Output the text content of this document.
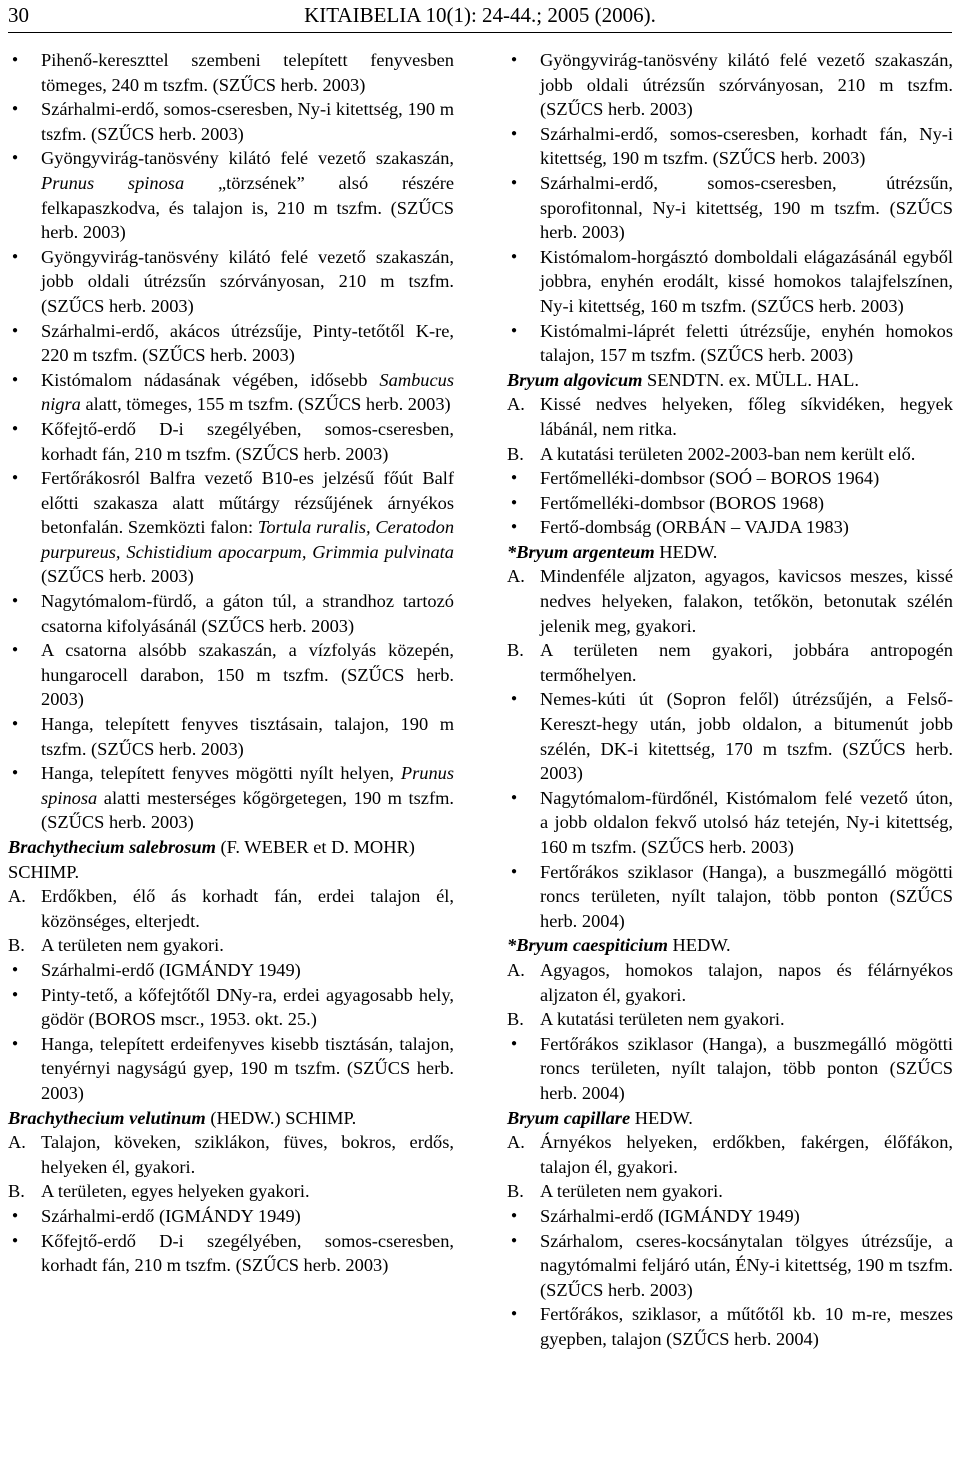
30	KITAIBELIA 10(1): 24-44.; 2005 (2006).
● Pihenő-kereszttel szembeni telepített fenyvesben tömeges, 240 m tszfm. (SZŰCS herb. 2003)
● Szárhalmi-erdő, somos-cseresben, Ny-i kitettség, 190 m tszfm. (SZŰCS herb. 2003)
● Gyöngyvirág-tanösvény kilátó felé vezető szakaszán, Prunus spinosa „törzsének” alsó részére felkapaszkodva, és talajon is, 210 m tszfm. (SZŰCS herb. 2003)
● Gyöngyvirág-tanösvény kilátó felé vezető szakaszán, jobb oldali útrézsűn szórványosan, 210 m tszfm. (SZŰCS herb. 2003)
● Szárhalmi-erdő, akácos útrézsűje, Pinty-tetőtől K-re, 220 m tszfm. (SZŰCS herb. 2003)
● Kistómalom nádasának végében, idősebb Sambucus nigra alatt, tömeges, 155 m tszfm. (SZŰCS herb. 2003)
● Kőfejtő-erdő D-i szegélyében, somos-cseresben, korhadt fán, 210 m tszfm. (SZŰCS herb. 2003)
● Fertőrákosról Balfra vezető B10-es jelzésű főút Balf előtti szakasza alatt műtárgy rézsűjének árnyékos betonfalán. Szemközti falon: Tortula ruralis, Ceratodon purpureus, Schistidium apocarpum, Grimmia pulvinata (SZŰCS herb. 2003)
● Nagytómalom-fürdő, a gáton túl, a strandhoz tartozó csatorna kifolyásánál (SZŰCS herb. 2003)
● A csatorna alsóbb szakaszán, a vízfolyás közepén, hungarocell darabon, 150 m tszfm. (SZŰCS herb. 2003)
● Hanga, telepített fenyves tisztásain, talajon, 190 m tszfm. (SZŰCS herb. 2003)
● Hanga, telepített fenyves mögötti nyílt helyen, Prunus spinosa alatti mesterséges kőgörgetegen, 190 m tszfm. (SZŰCS herb. 2003)
Brachythecium salebrosum (F. WEBER et D. MOHR) SCHIMP.
A. Erdőkben, élő ás korhadt fán, erdei talajon él, közönséges, elterjedt.
B. A területen nem gyakori.
● Szárhalmi-erdő (IGMÁNDY 1949)
● Pinty-tető, a kőfejtőtől DNy-ra, erdei agyagosabb hely, gödör (BOROS mscr., 1953. okt. 25.)
● Hanga, telepített erdeifenyves kisebb tisztásán, talajon, tenyérnyi nagyságú gyep, 190 m tszfm. (SZŰCS herb. 2003)
Brachythecium velutinum (HEDW.) SCHIMP.
A. Talajon, köveken, sziklákon, füves, bokros, erdős, helyeken él, gyakori.
B. A területen, egyes helyeken gyakori.
● Szárhalmi-erdő (IGMÁNDY 1949)
● Kőfejtő-erdő D-i szegélyében, somos-cseresben, korhadt fán, 210 m tszfm. (SZŰCS herb. 2003)
● Gyöngyvirág-tanösvény kilátó felé vezető szakaszán, jobb oldali útrézsűn szórványosan, 210 m tszfm. (SZŰCS herb. 2003)
● Szárhalmi-erdő, somos-cseresben, korhadt fán, Ny-i kitettség, 190 m tszfm. (SZŰCS herb. 2003)
● Szárhalmi-erdő, somos-cseresben, útrézsűn, sporofitonnal, Ny-i kitettség, 190 m tszfm. (SZŰCS herb. 2003)
● Kistómalom-horgásztó domboldali elágazásánál egyből jobbra, enyhén erodált, kissé homokos talajfelszínen, Ny-i kitettség, 160 m tszfm. (SZŰCS herb. 2003)
● Kistómalmi-láprét feletti útrézsűje, enyhén homokos talajon, 157 m tszfm. (SZŰCS herb. 2003)
Bryum algovicum SENDTN. ex. MÜLL. HAL.
A. Kissé nedves helyeken, főleg síkvidéken, hegyek lábánál, nem ritka.
B. A kutatási területen 2002-2003-ban nem került elő.
● Fertőmelléki-dombsor (SOÓ – BOROS 1964)
● Fertőmelléki-dombsor (BOROS 1968)
● Fertő-dombság (ORBÁN – VAJDA 1983)
*Bryum argenteum HEDW.
A. Mindenféle aljzaton, agyagos, kavicsos meszes, kissé nedves helyeken, falakon, tetőkön, betonutak szélén jelenik meg, gyakori.
B. A területen nem gyakori, jobbára antropogén termőhelyen.
● Nemes-kúti út (Sopron felől) útrézsűjén, a Felső- Kereszt-hegy után, jobb oldalon, a bitumenút jobb szélén, DK-i kitettség, 170 m tszfm. (SZŰCS herb. 2003)
● Nagytómalom-fürdőnél, Kistómalom felé vezető úton, a jobb oldalon fekvő utolsó ház tetején, Ny-i kitettség, 160 m tszfm. (SZŰCS herb. 2003)
● Fertőrákos sziklasor (Hanga), a buszmegálló mögötti roncs területen, nyílt talajon, több ponton (SZŰCS herb. 2004)
*Bryum caespiticium HEDW.
A. Agyagos, homokos talajon, napos és félárnyékos aljzaton él, gyakori.
B. A kutatási területen nem gyakori.
● Fertőrákos sziklasor (Hanga), a buszmegálló mögötti roncs területen, nyílt talajon, több ponton (SZŰCS herb. 2004)
Bryum capillare HEDW.
A. Árnyékos helyeken, erdőkben, fakérgen, élőfákon, talajon él, gyakori.
B. A területen nem gyakori.
● Szárhalmi-erdő (IGMÁNDY 1949)
● Szárhalom, cseres-kocsánytalan tölgyes útrézsűje, a nagytómalmi feljáró után, ÉNy-i kitettség, 190 m tszfm. (SZŰCS herb. 2003)
● Fertőrákos, sziklasor, a műtőtől kb. 10 m-re, meszes gyepben, talajon (SZŰCS herb. 2004)
